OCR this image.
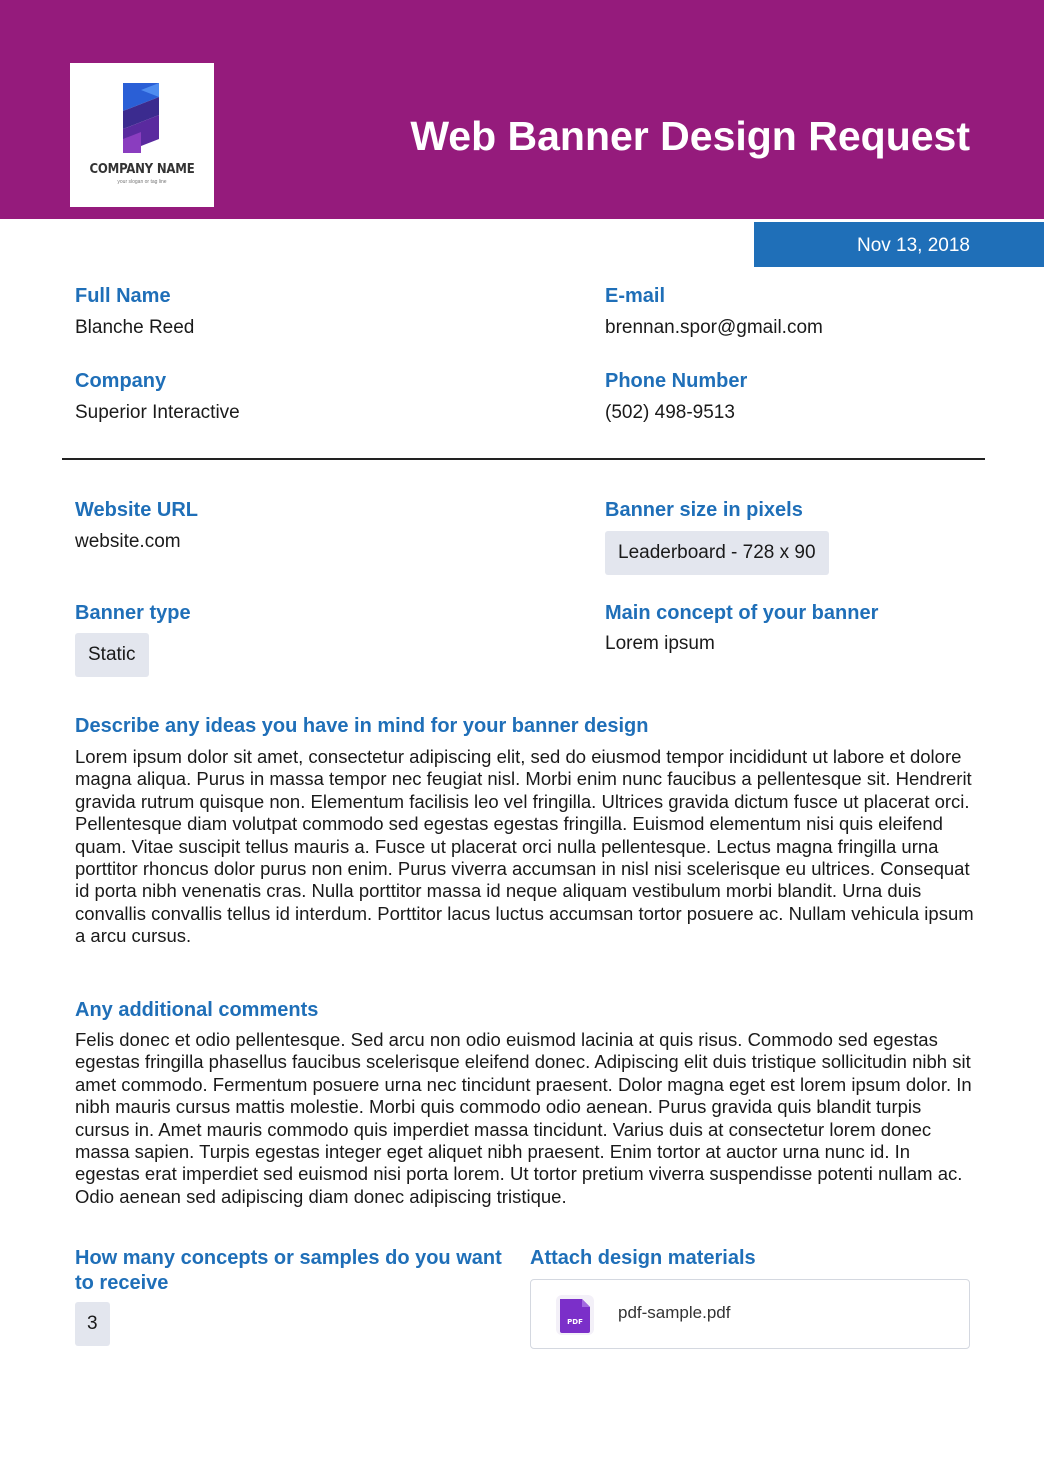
COMPANY NAME
your slogan or tag line
Web Banner Design Request
Nov 13, 2018
Full Name
Blanche Reed
E-mail
brennan.spor@gmail.com
Company
Superior Interactive
Phone Number
(502) 498-9513
Website URL
website.com
Banner size in pixels
Leaderboard - 728 x 90
Banner type
Static
Main concept of your banner
Lorem ipsum
Describe any ideas you have in mind for your banner design
Lorem ipsum dolor sit amet, consectetur adipiscing elit, sed do eiusmod tempor incididunt ut labore et dolore magna aliqua. Purus in massa tempor nec feugiat nisl. Morbi enim nunc faucibus a pellentesque sit. Hendrerit gravida rutrum quisque non. Elementum facilisis leo vel fringilla. Ultrices gravida dictum fusce ut placerat orci. Pellentesque diam volutpat commodo sed egestas egestas fringilla. Euismod elementum nisi quis eleifend quam. Vitae suscipit tellus mauris a. Fusce ut placerat orci nulla pellentesque. Lectus magna fringilla urna porttitor rhoncus dolor purus non enim. Purus viverra accumsan in nisl nisi scelerisque eu ultrices. Consequat id porta nibh venenatis cras. Nulla porttitor massa id neque aliquam vestibulum morbi blandit. Urna duis convallis convallis tellus id interdum. Porttitor lacus luctus accumsan tortor posuere ac. Nullam vehicula ipsum a arcu cursus.
Any additional comments
Felis donec et odio pellentesque. Sed arcu non odio euismod lacinia at quis risus. Commodo sed egestas egestas fringilla phasellus faucibus scelerisque eleifend donec. Adipiscing elit duis tristique sollicitudin nibh sit amet commodo. Fermentum posuere urna nec tincidunt praesent. Dolor magna eget est lorem ipsum dolor. In nibh mauris cursus mattis molestie. Morbi quis commodo odio aenean. Purus gravida quis blandit turpis cursus in. Amet mauris commodo quis imperdiet massa tincidunt. Varius duis at consectetur lorem donec massa sapien. Turpis egestas integer eget aliquet nibh praesent. Enim tortor at auctor urna nunc id. In egestas erat imperdiet sed euismod nisi porta lorem. Ut tortor pretium viverra suspendisse potenti nullam ac. Odio aenean sed adipiscing diam donec adipiscing tristique.
How many concepts or samples do you want
to receive
3
Attach design materials
PDF pdf-sample.pdf
